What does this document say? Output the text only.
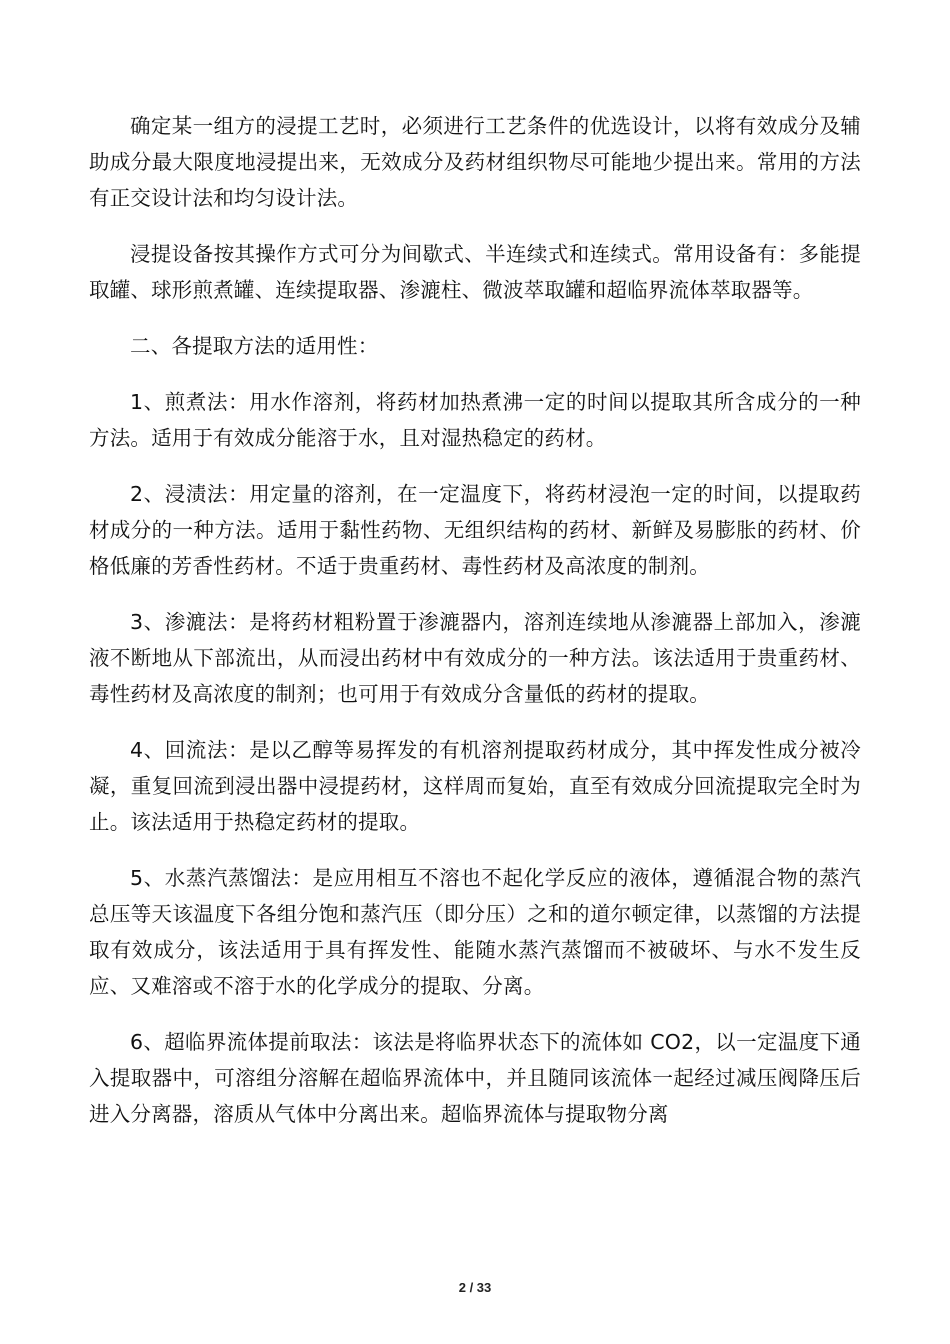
确定某一组方的浸提工艺时，必须进行工艺条件的优选设计，以将有效成分及辅助成分最大限度地浸提出来，无效成分及药材组织物尽可能地少提出来。常用的方法有正交设计法和均匀设计法。

浸提设备按其操作方式可分为间歇式、半连续式和连续式。常用设备有：多能提取罐、球形煎煮罐、连续提取器、渗漉柱、微波萃取罐和超临界流体萃取器等。

二、各提取方法的适用性：

1、煎煮法：用水作溶剂，将药材加热煮沸一定的时间以提取其所含成分的一种方法。适用于有效成分能溶于水，且对湿热稳定的药材。

2、浸渍法：用定量的溶剂，在一定温度下，将药材浸泡一定的时间，以提取药材成分的一种方法。适用于黏性药物、无组织结构的药材、新鲜及易膨胀的药材、价格低廉的芳香性药材。不适于贵重药材、毒性药材及高浓度的制剂。

3、渗漉法：是将药材粗粉置于渗漉器内，溶剂连续地从渗漉器上部加入，渗漉液不断地从下部流出，从而浸出药材中有效成分的一种方法。该法适用于贵重药材、毒性药材及高浓度的制剂；也可用于有效成分含量低的药材的提取。

4、回流法：是以乙醇等易挥发的有机溶剂提取药材成分，其中挥发性成分被冷凝，重复回流到浸出器中浸提药材，这样周而复始，直至有效成分回流提取完全时为止。该法适用于热稳定药材的提取。

5、水蒸汽蒸馏法：是应用相互不溶也不起化学反应的液体，遵循混合物的蒸汽总压等天该温度下各组分饱和蒸汽压（即分压）之和的道尔顿定律，以蒸馏的方法提取有效成分，该法适用于具有挥发性、能随水蒸汽蒸馏而不被破坏、与水不发生反应、又难溶或不溶于水的化学成分的提取、分离。

6、超临界流体提前取法：该法是将临界状态下的流体如 CO2，以一定温度下通入提取器中，可溶组分溶解在超临界流体中，并且随同该流体一起经过减压阀降压后进入分离器，溶质从气体中分离出来。超临界流体与提取物分离

2 / 33
